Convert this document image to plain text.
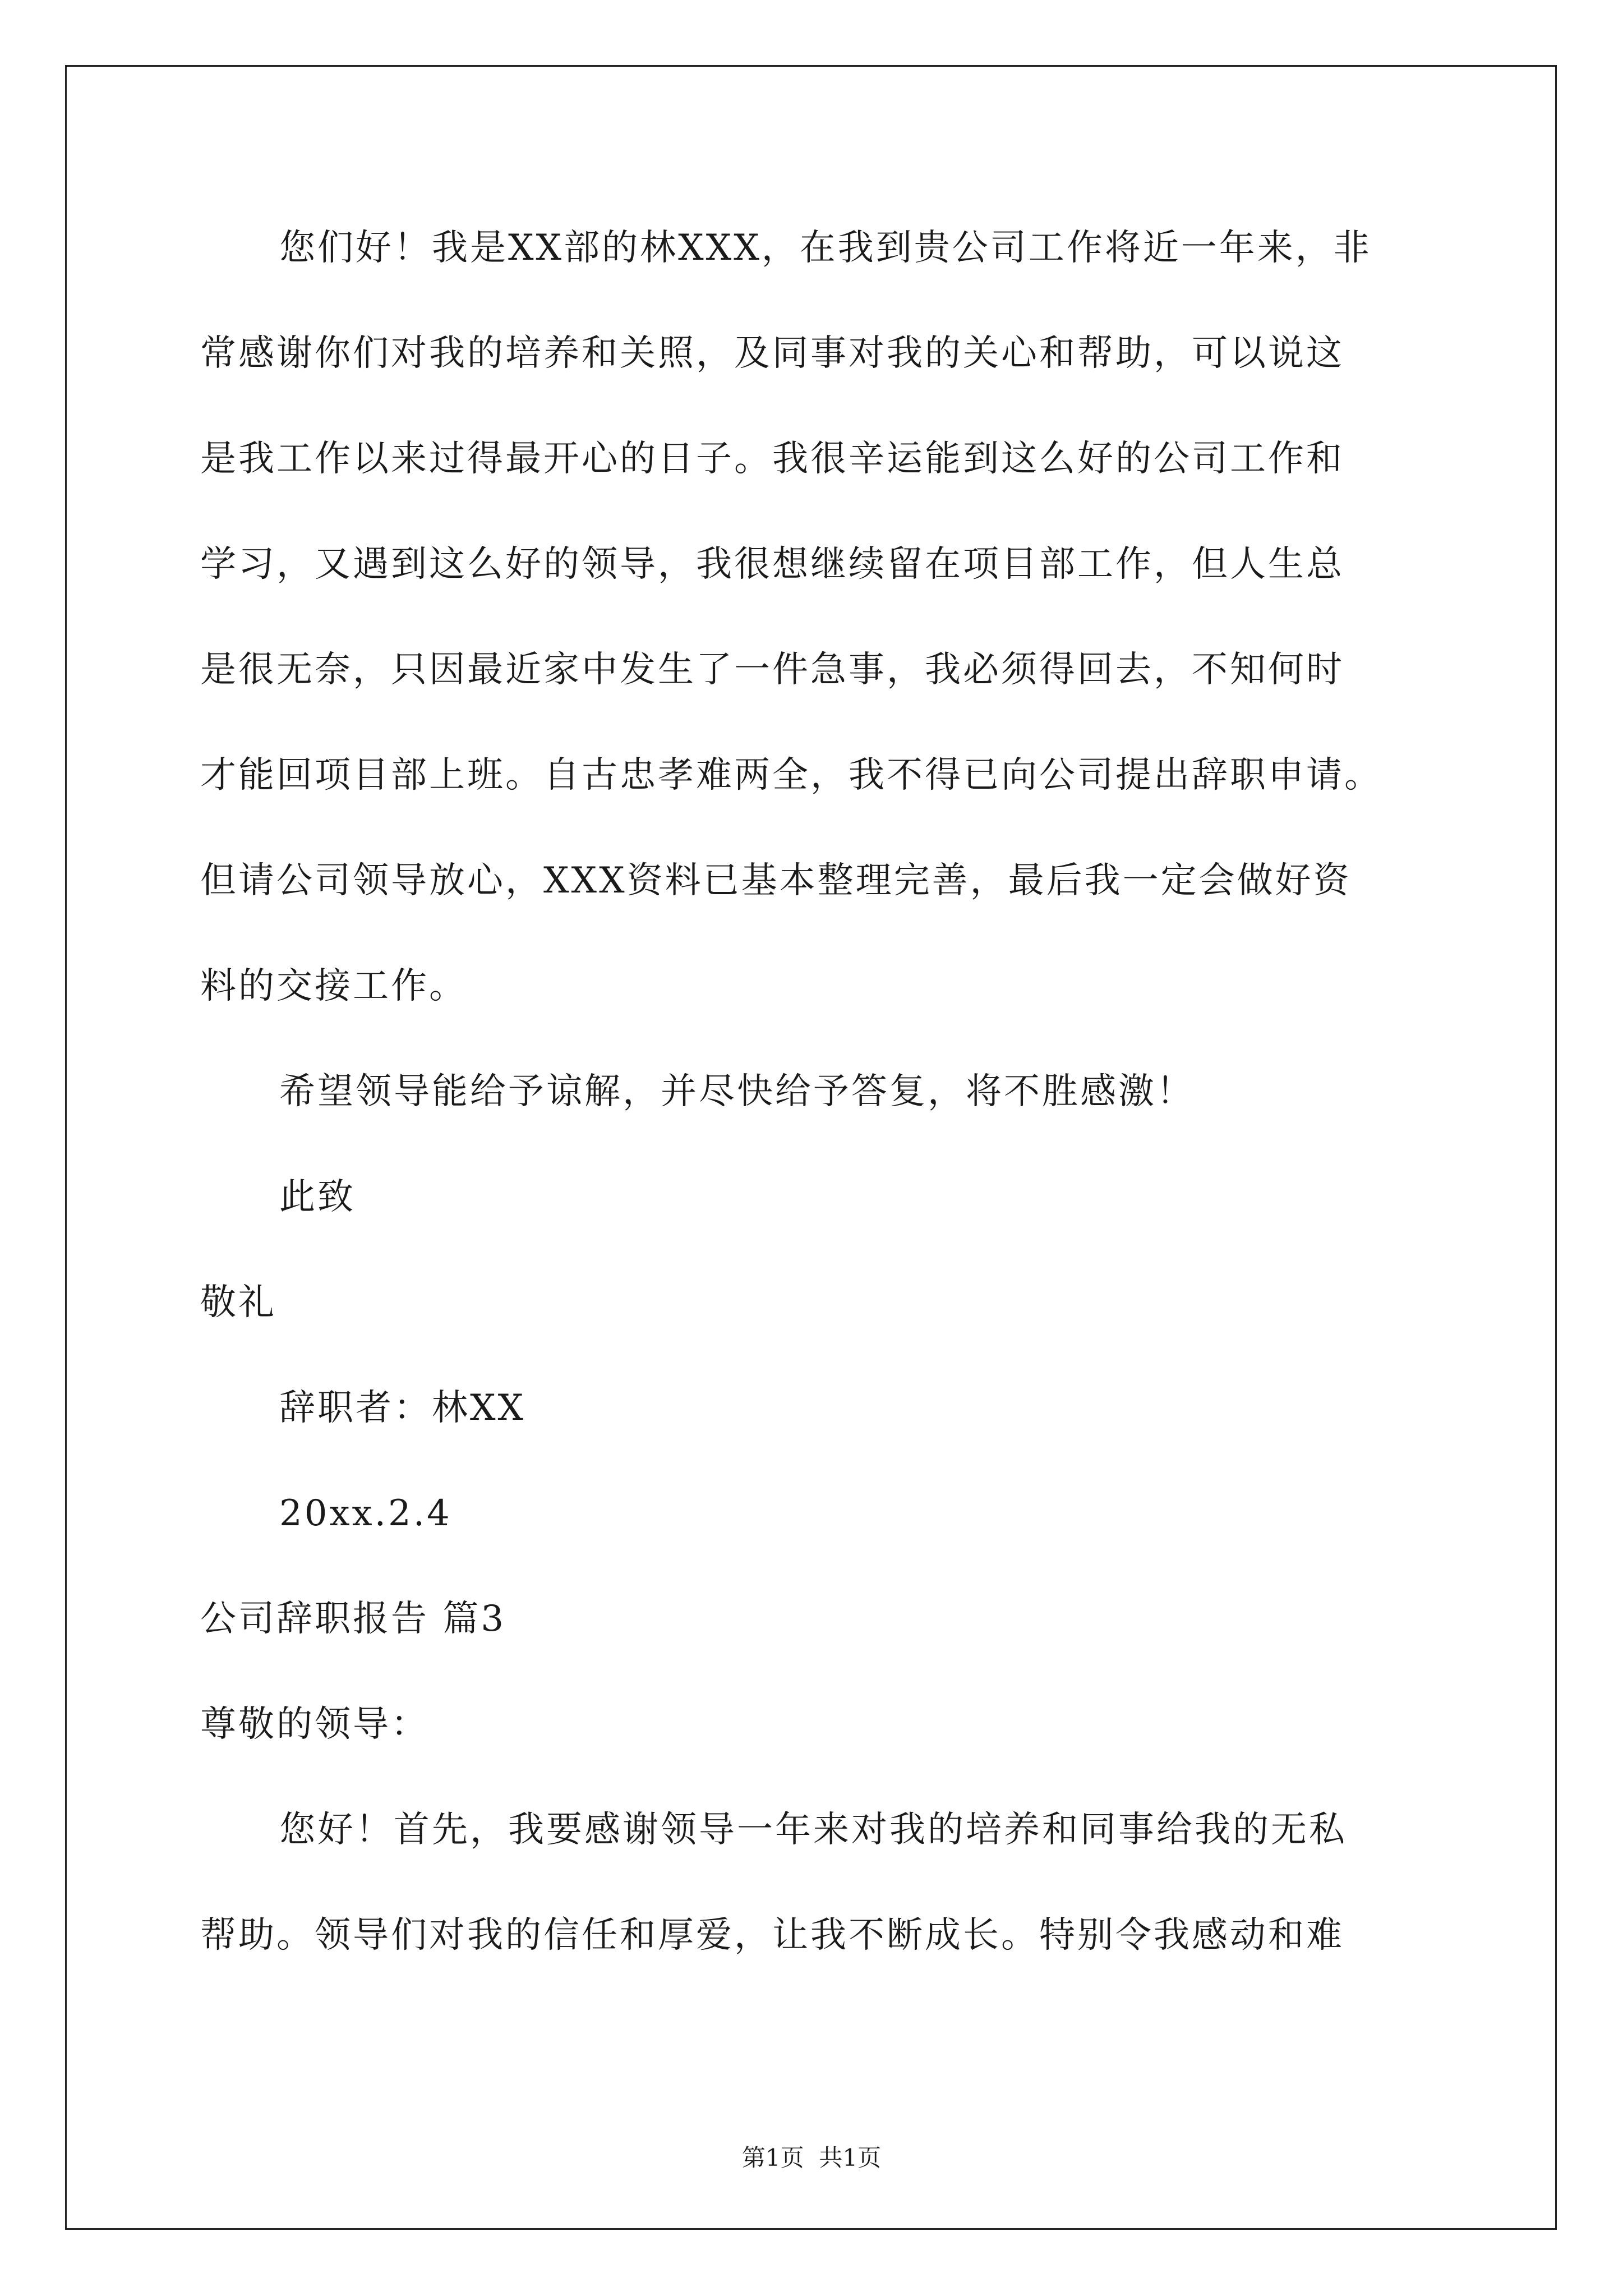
您们好！我是XX部的林XXX，在我到贵公司工作将近一年来，非
常感谢你们对我的培养和关照，及同事对我的关心和帮助，可以说这
是我工作以来过得最开心的日子。我很辛运能到这么好的公司工作和
学习，又遇到这么好的领导，我很想继续留在项目部工作，但人生总
是很无奈，只因最近家中发生了一件急事，我必须得回去，不知何时
才能回项目部上班。自古忠孝难两全，我不得已向公司提出辞职申请。
但请公司领导放心，XXX资料已基本整理完善，最后我一定会做好资
料的交接工作。
希望领导能给予谅解，并尽快给予答复，将不胜感激！
此致
敬礼
辞职者：林XX
20xx.2.4
公司辞职报告 篇3
尊敬的领导：
您好！首先，我要感谢领导一年来对我的培养和同事给我的无私
帮助。领导们对我的信任和厚爱，让我不断成长。特别令我感动和难
第1页  共1页
